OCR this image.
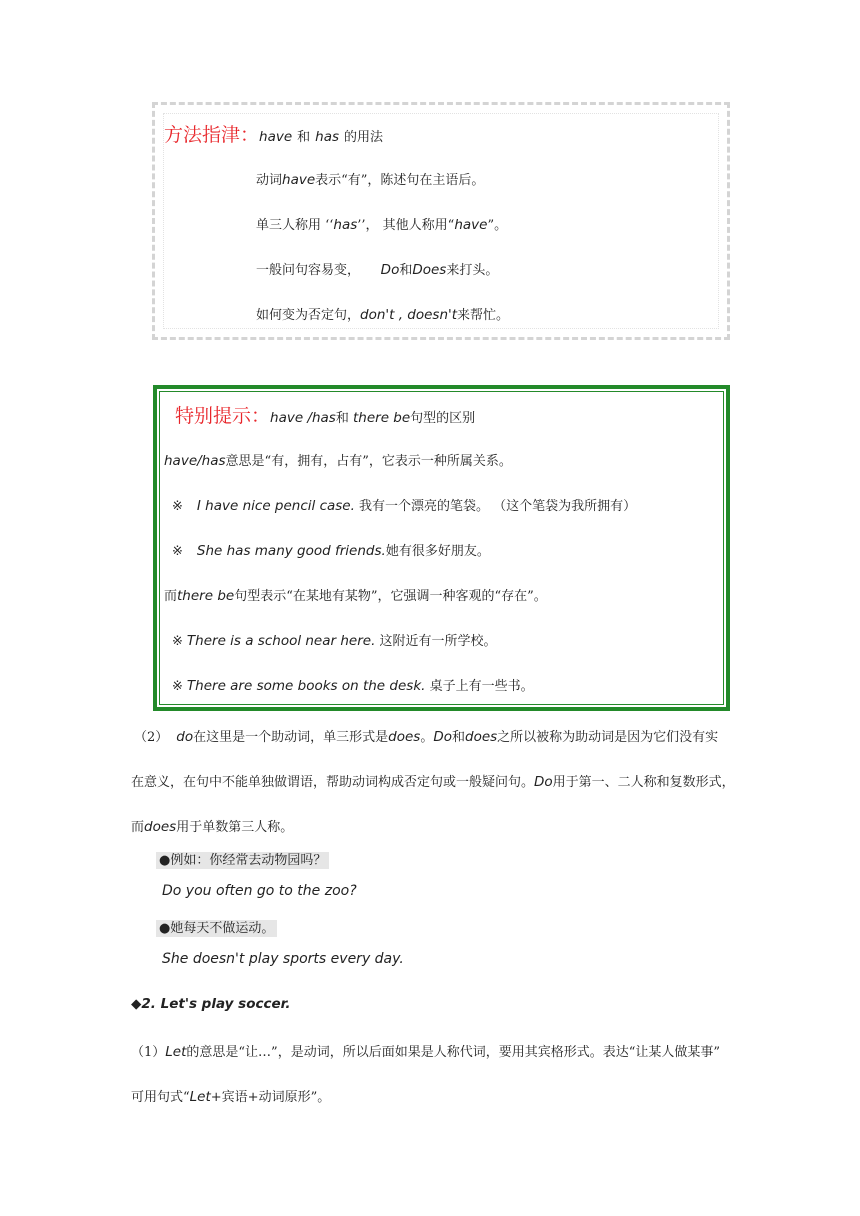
方法指津：have 和 has 的用法
动词have表示“有”，陈述句在主语后。
单三人称用 ‘‘has’’， 其他人称用“have”。
一般问句容易变，     Do和Does来打头。
如何变为否定句，don't , doesn't来帮忙。
特别提示：have /has和 there be句型的区别
have/has意思是“有，拥有，占有”，它表示一种所属关系。
※ I have nice pencil case. 我有一个漂亮的笔袋。 （这个笔袋为我所拥有）
※ She has many good friends.她有很多好朋友。
而there be句型表示“在某地有某物”，它强调一种客观的“存在”。
※ There is a school near here. 这附近有一所学校。
※ There are some books on the desk. 桌子上有一些书。
（2） do在这里是一个助动词，单三形式是does。Do和does之所以被称为助动词是因为它们没有实
在意义，在句中不能单独做谓语，帮助动词构成否定句或一般疑问句。Do用于第一、二人称和复数形式，
而does用于单数第三人称。
●例如：你经常去动物园吗？
Do you often go to the zoo?
●她每天不做运动。
She doesn't play sports every day.
◆2. Let's play soccer.
（1）Let的意思是“让…”，是动词，所以后面如果是人称代词，要用其宾格形式。表达“让某人做某事”
可用句式“Let+宾语+动词原形”。
